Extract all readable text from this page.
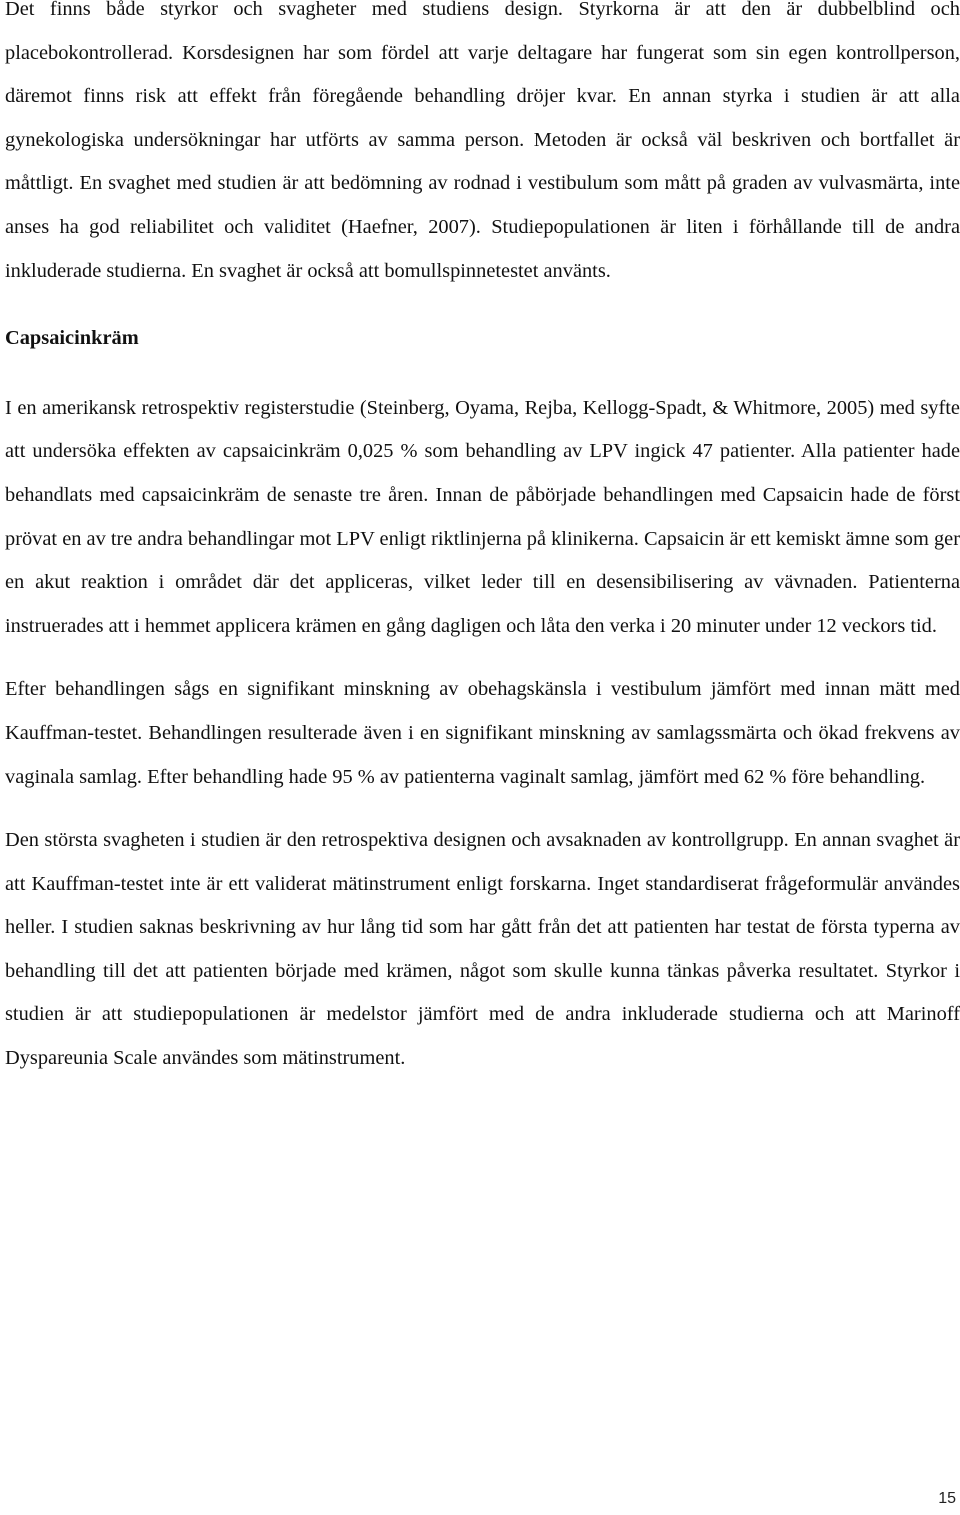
Det finns både styrkor och svagheter med studiens design. Styrkorna är att den är dubbelblind och placebokontrollerad. Korsdesignen har som fördel att varje deltagare har fungerat som sin egen kontrollperson, däremot finns risk att effekt från föregående behandling dröjer kvar. En annan styrka i studien är att alla gynekologiska undersökningar har utförts av samma person. Metoden är också väl beskriven och bortfallet är måttligt. En svaghet med studien är att bedömning av rodnad i vestibulum som mått på graden av vulvasmärta, inte anses ha god reliabilitet och validitet (Haefner, 2007). Studiepopulationen är liten i förhållande till de andra inkluderade studierna. En svaghet är också att bomullspinnetestet använts.

Capsaicinkräm

I en amerikansk retrospektiv registerstudie (Steinberg, Oyama, Rejba, Kellogg-Spadt, & Whitmore, 2005) med syfte att undersöka effekten av capsaicinkräm 0,025 % som behandling av LPV ingick 47 patienter. Alla patienter hade behandlats med capsaicinkräm de senaste tre åren. Innan de påbörjade behandlingen med Capsaicin hade de först prövat en av tre andra behandlingar mot LPV enligt riktlinjerna på klinikerna. Capsaicin är ett kemiskt ämne som ger en akut reaktion i området där det appliceras, vilket leder till en desensibilisering av vävnaden. Patienterna instruerades att i hemmet applicera krämen en gång dagligen och låta den verka i 20 minuter under 12 veckors tid.

Efter behandlingen sågs en signifikant minskning av obehagskänsla i vestibulum jämfört med innan mätt med Kauffman-testet. Behandlingen resulterade även i en signifikant minskning av samlagssmärta och ökad frekvens av vaginala samlag. Efter behandling hade 95 % av patienterna vaginalt samlag, jämfört med 62 % före behandling.

Den största svagheten i studien är den retrospektiva designen och avsaknaden av kontrollgrupp. En annan svaghet är att Kauffman-testet inte är ett validerat mätinstrument enligt forskarna. Inget standardiserat frågeformulär användes heller. I studien saknas beskrivning av hur lång tid som har gått från det att patienten har testat de första typerna av behandling till det att patienten började med krämen, något som skulle kunna tänkas påverka resultatet. Styrkor i studien är att studiepopulationen är medelstor jämfört med de andra inkluderade studierna och att Marinoff Dyspareunia Scale användes som mätinstrument.

15
